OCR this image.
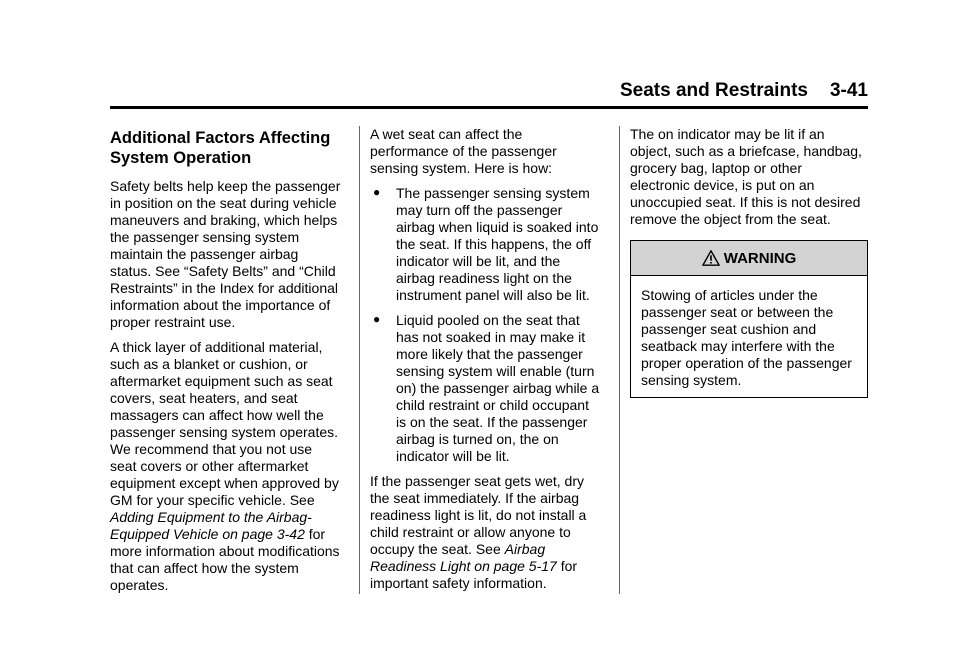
Seats and Restraints 3-41
Additional Factors Affecting System Operation

Safety belts help keep the passenger in position on the seat during vehicle maneuvers and braking, which helps the passenger sensing system maintain the passenger airbag status. See “Safety Belts” and “Child Restraints” in the Index for additional information about the importance of proper restraint use.

A thick layer of additional material, such as a blanket or cushion, or aftermarket equipment such as seat covers, seat heaters, and seat massagers can affect how well the passenger sensing system operates. We recommend that you not use seat covers or other aftermarket equipment except when approved by GM for your specific vehicle. See Adding Equipment to the Airbag-Equipped Vehicle on page 3-42 for more information about modifications that can affect how the system operates.

A wet seat can affect the performance of the passenger sensing system. Here is how:

● The passenger sensing system may turn off the passenger airbag when liquid is soaked into the seat. If this happens, the off indicator will be lit, and the airbag readiness light on the instrument panel will also be lit.
● Liquid pooled on the seat that has not soaked in may make it more likely that the passenger sensing system will enable (turn on) the passenger airbag while a child restraint or child occupant is on the seat. If the passenger airbag is turned on, the on indicator will be lit.

If the passenger seat gets wet, dry the seat immediately. If the airbag readiness light is lit, do not install a child restraint or allow anyone to occupy the seat. See Airbag Readiness Light on page 5-17 for important safety information.

The on indicator may be lit if an object, such as a briefcase, handbag, grocery bag, laptop or other electronic device, is put on an unoccupied seat. If this is not desired remove the object from the seat.

WARNING
Stowing of articles under the passenger seat or between the passenger seat cushion and seatback may interfere with the proper operation of the passenger sensing system.
